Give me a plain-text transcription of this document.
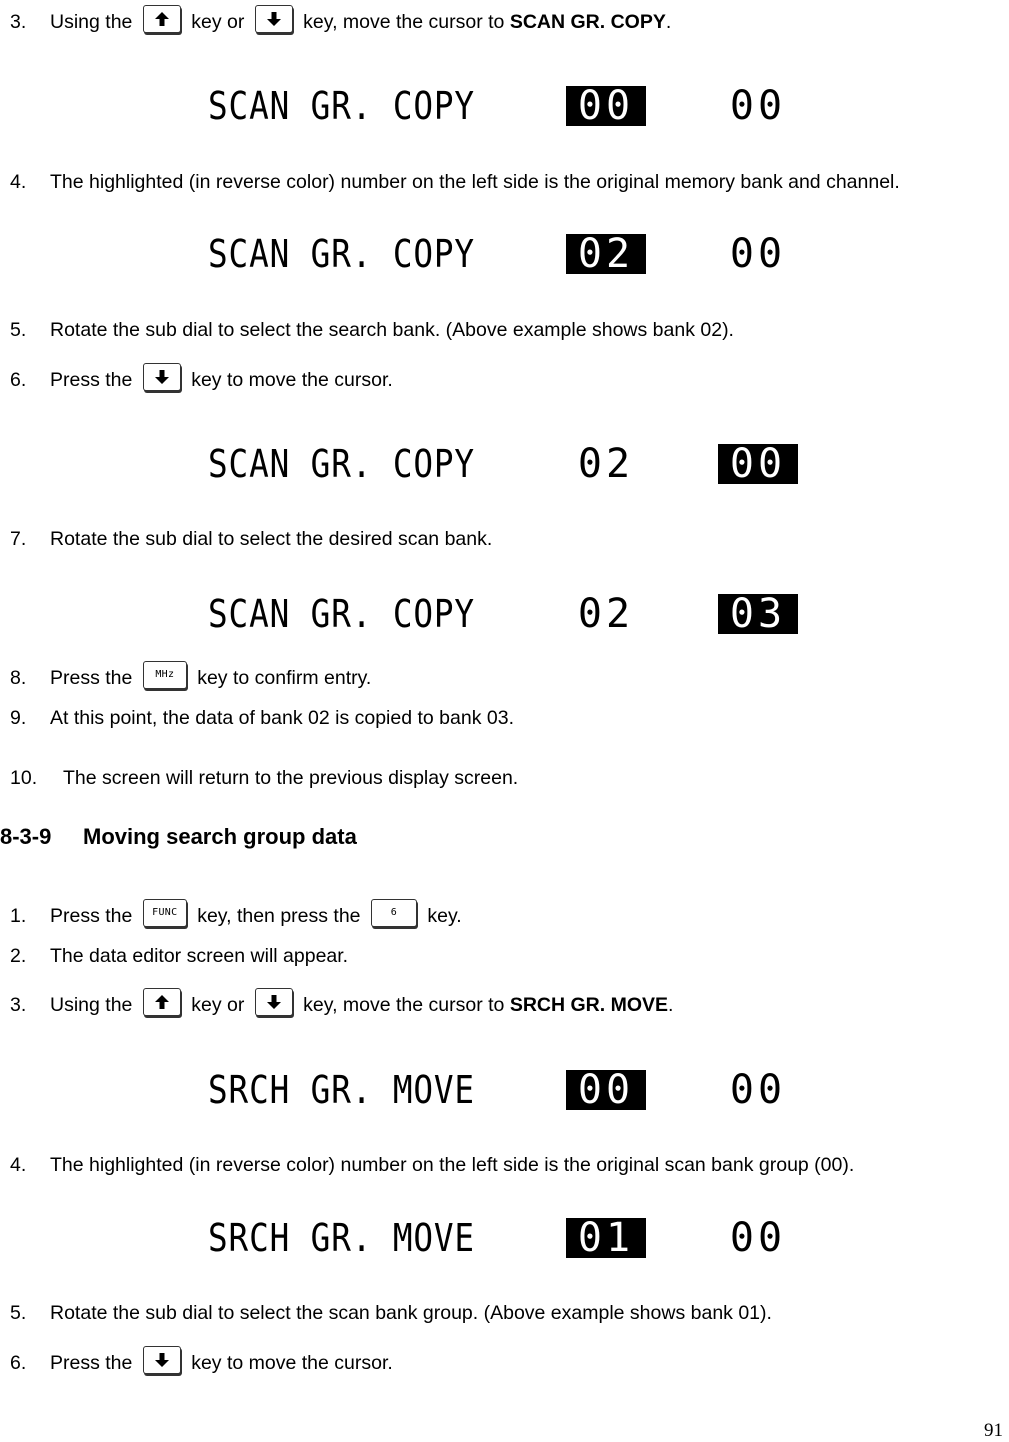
3. Using the
key or
key, move the cursor to SCAN GR. COPY.
SCAN GR. COPY	00 00
4. The highlighted (in reverse color) number on the left side is the original memory bank and channel.
SCAN GR. COPY	02 00
5. Rotate the sub dial to select the search bank. (Above example shows bank 02).
6. Press the
key to move the cursor.
SCAN GR. COPY	02 00
7. Rotate the sub dial to select the desired scan bank.
SCAN GR. COPY	02 03
8. Press the	MHz key to confirm entry.
9. At this point, the data of bank 02 is copied to bank 03.
10. The screen will return to the previous display screen.
8-3-9 Moving search group data
1. Press the	FUNC key, then press the	6	key.
2. The data editor screen will appear.
3. Using the
key or
key, move the cursor to SRCH GR. MOVE.
SRCH GR. MOVE	00 00
4. The highlighted (in reverse color) number on the left side is the original scan bank group (00).
SRCH GR. MOVE	01 00
5. Rotate the sub dial to select the scan bank group. (Above example shows bank 01).
6. Press the
key to move the cursor.
91
